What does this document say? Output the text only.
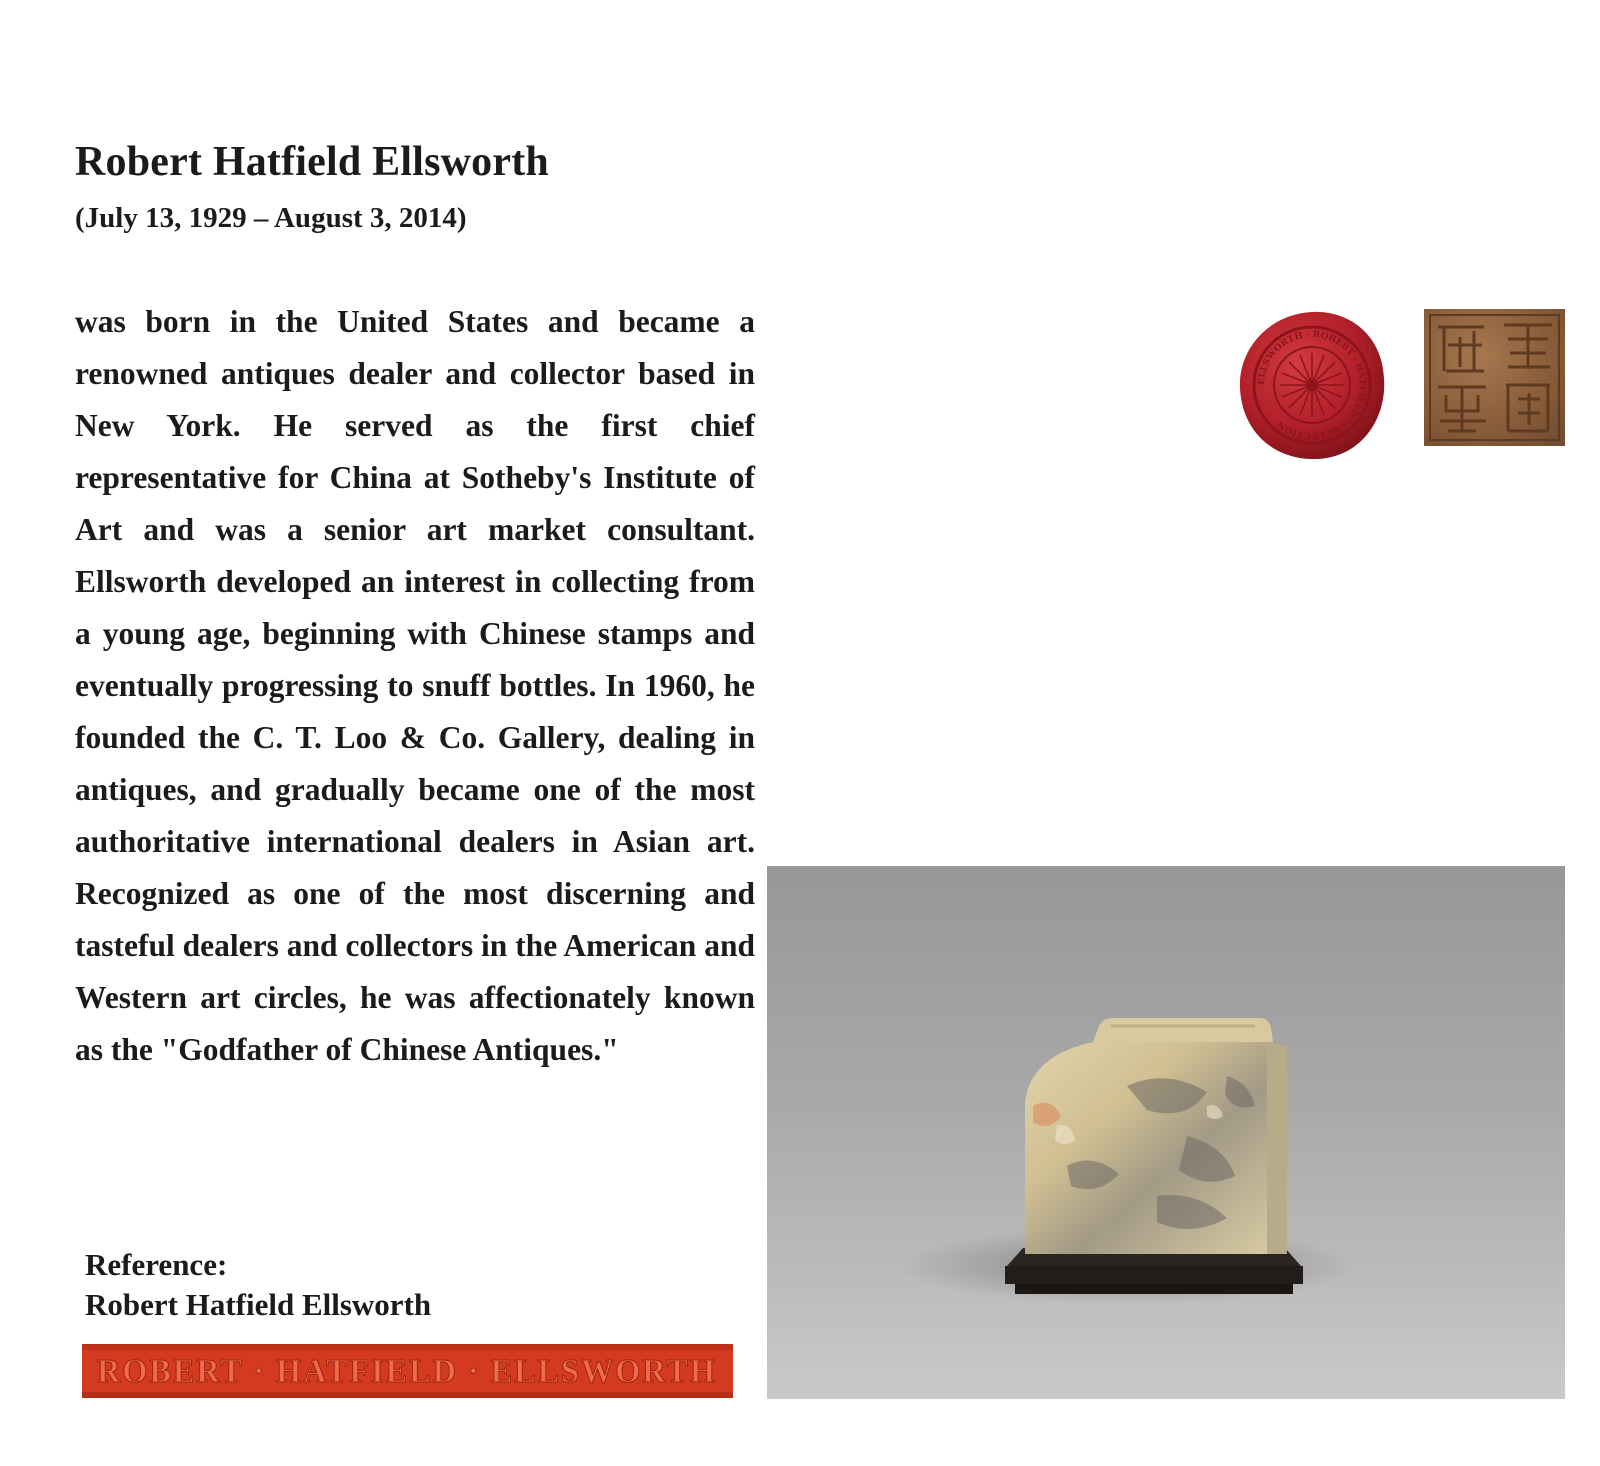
Robert Hatfield Ellsworth

(July 13, 1929 – August 3, 2014)

was born in the United States and became a renowned antiques dealer and collector based in New York. He served as the first chief representative for China at Sotheby's Institute of Art and was a senior art market consultant. Ellsworth developed an interest in collecting from a young age, beginning with Chinese stamps and eventually progressing to snuff bottles. In 1960, he founded the C. T. Loo & Co. Gallery, dealing in antiques, and gradually became one of the most authoritative international dealers in Asian art. Recognized as one of the most discerning and tasteful dealers and collectors in the American and Western art circles, he was affectionately known as the "Godfather of Chinese Antiques."

ELLSWORTH · ROBERT · HATFIELD · COLLECTION

Reference:

Robert Hatfield Ellsworth

ROBERT · HATFIELD · ELLSWORTH
